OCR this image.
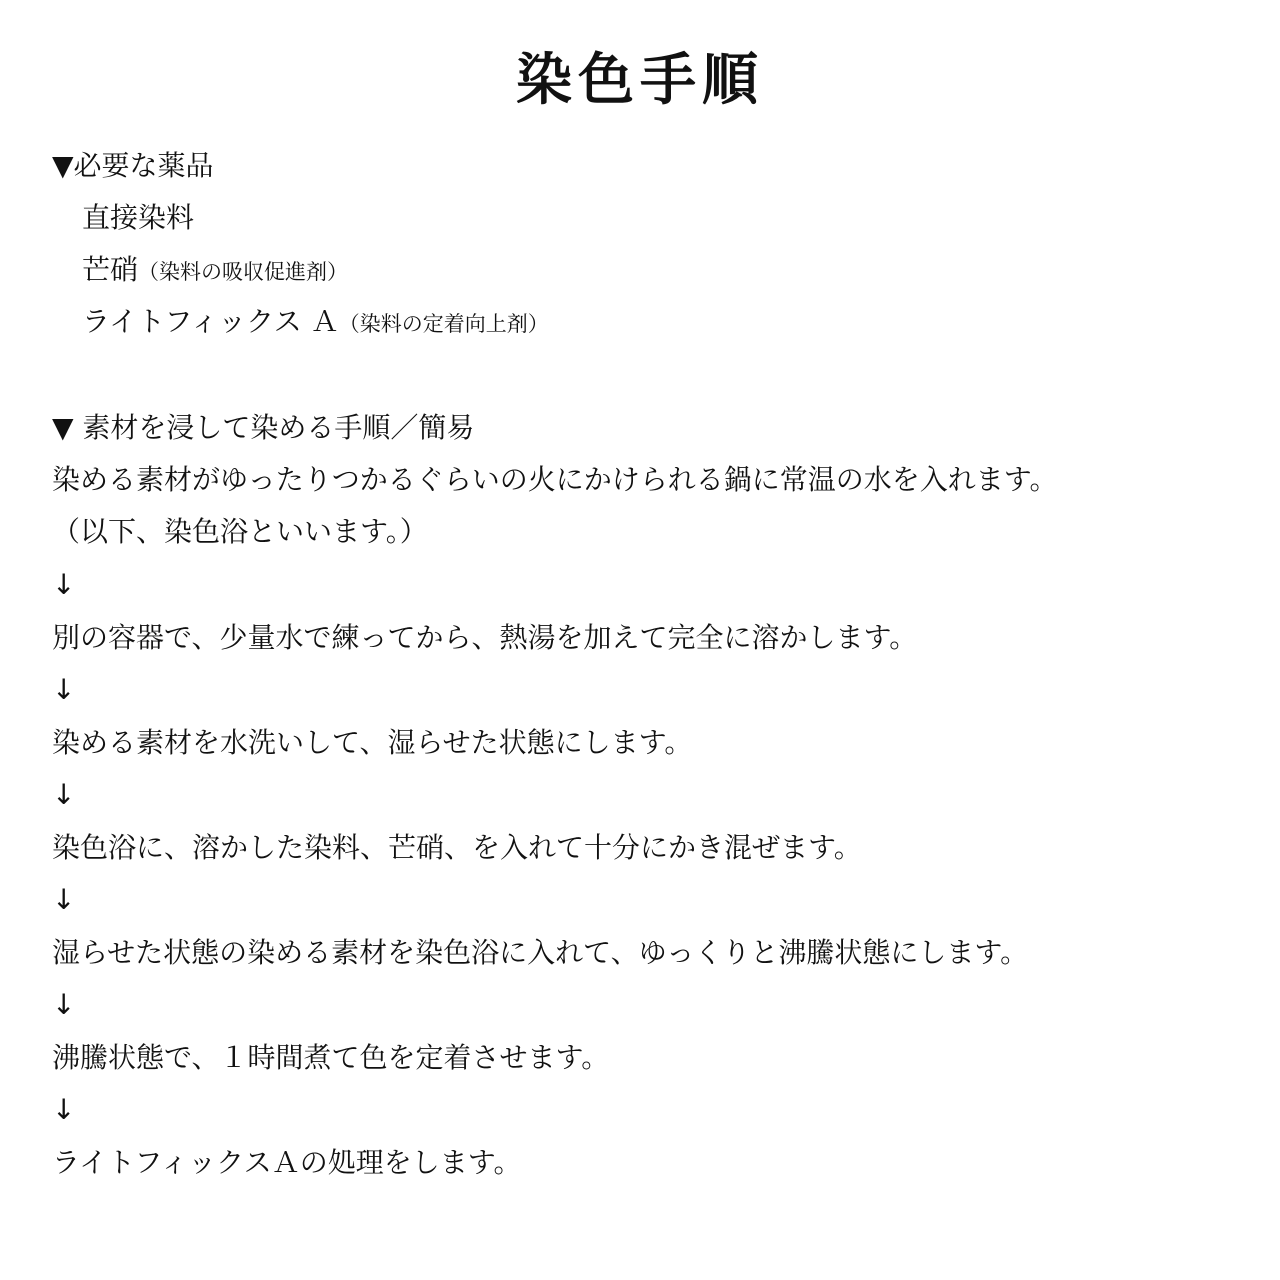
染色手順
▼必要な薬品
直接染料
芒硝（染料の吸収促進剤）
ライトフィックス Ａ（染料の定着向上剤）
▼ 素材を浸して染める手順／簡易
染める素材がゆったりつかるぐらいの火にかけられる鍋に常温の水を入れます。
（以下、染色浴といいます。）
↓
別の容器で、少量水で練ってから、熱湯を加えて完全に溶かします。
↓
染める素材を水洗いして、湿らせた状態にします。
↓
染色浴に、溶かした染料、芒硝、を入れて十分にかき混ぜます。
↓
湿らせた状態の染める素材を染色浴に入れて、ゆっくりと沸騰状態にします。
↓
沸騰状態で、１時間煮て色を定着させます。
↓
ライトフィックスＡの処理をします。
